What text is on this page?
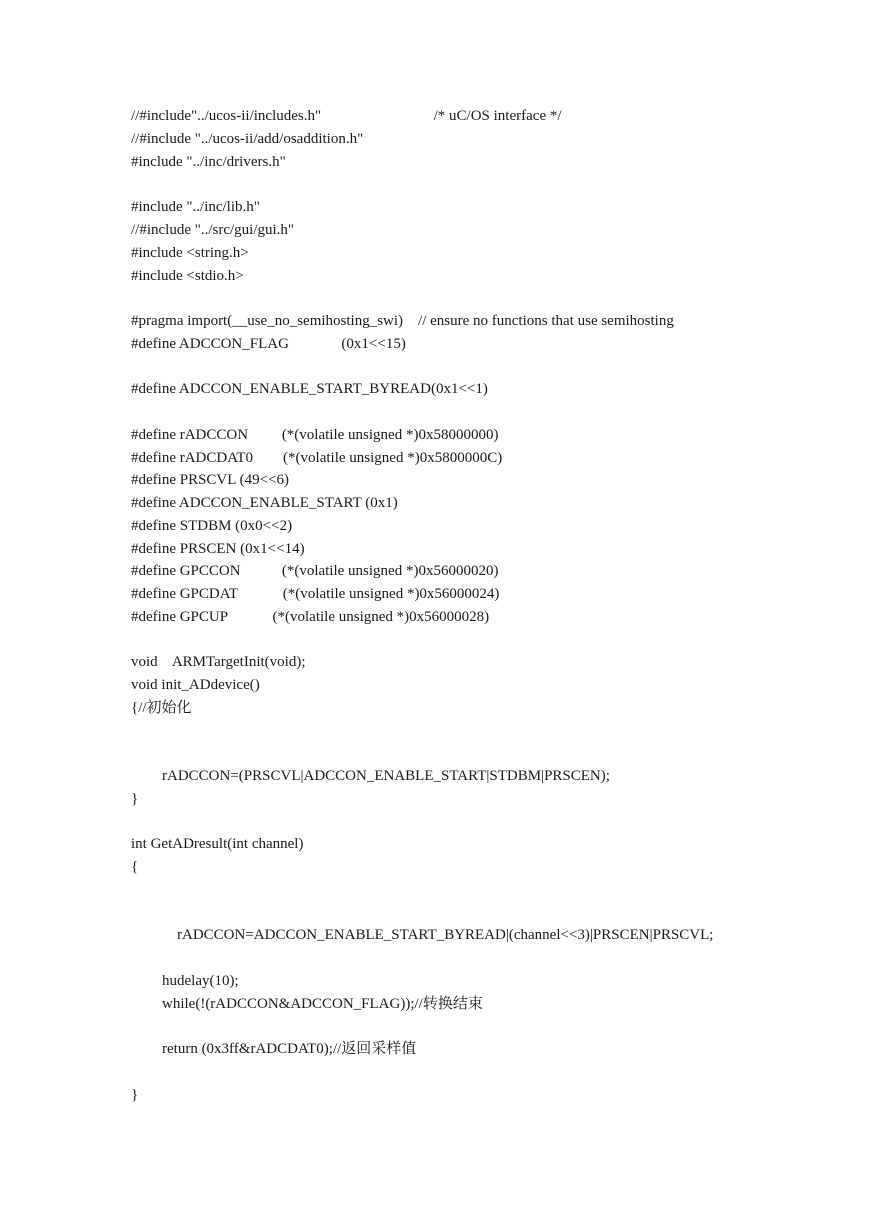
//#include"../ucos-ii/includes.h"                              /* uC/OS interface */
//#include "../ucos-ii/add/osaddition.h"
#include "../inc/drivers.h"
#include "../inc/lib.h"
//#include "../src/gui/gui.h"
#include <string.h>
#include <stdio.h>
#pragma import(__use_no_semihosting_swi)    // ensure no functions that use semihosting
#define ADCCON_FLAG              (0x1<<15)
#define ADCCON_ENABLE_START_BYREAD(0x1<<1)
#define rADCCON         (*(volatile unsigned *)0x58000000)
#define rADCDAT0        (*(volatile unsigned *)0x5800000C)
#define PRSCVL (49<<6)
#define ADCCON_ENABLE_START (0x1)
#define STDBM (0x0<<2)
#define PRSCEN (0x1<<14)
#define GPCCON           (*(volatile unsigned *)0x56000020)
#define GPCDAT            (*(volatile unsigned *)0x56000024)
#define GPCUP            (*(volatile unsigned *)0x56000028)
void    ARMTargetInit(void);
void init_ADdevice()
{//初始化
rADCCON=(PRSCVL|ADCCON_ENABLE_START|STDBM|PRSCEN);
}
int GetADresult(int channel)
{
rADCCON=ADCCON_ENABLE_START_BYREAD|(channel<<3)|PRSCEN|PRSCVL;
hudelay(10);
while(!(rADCCON&ADCCON_FLAG));//转换结束
return (0x3ff&rADCDAT0);//返回采样值
}
